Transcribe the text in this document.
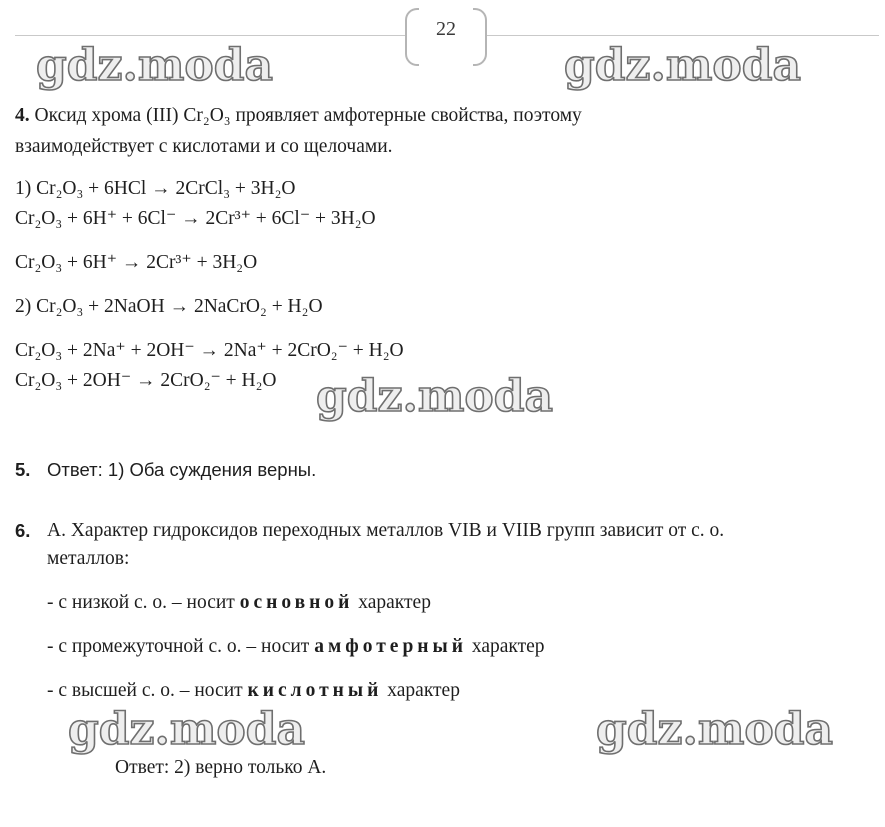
22
gdz.moda	gdz.moda
4. Оксид хрома (III) Cr₂O₃ проявляет амфотерные свойства, поэтому
взаимодействует с кислотами и со щелочами.
1) Cr₂O₃ + 6HCl → 2CrCl₃ + 3H₂O
Cr₂O₃ + 6H⁺ + 6Cl⁻ → 2Cr³⁺ + 6Cl⁻ + 3H₂O
Cr₂O₃ + 6H⁺ → 2Cr³⁺ + 3H₂O
2) Cr₂O₃ + 2NaOH → 2NaCrO₂ + H₂O
Cr₂O₃ + 2Na⁺ + 2OH⁻ → 2Na⁺ + 2CrO₂⁻ + H₂O
Cr₂O₃ + 2OH⁻ → 2CrO₂⁻ + H₂O gdz.moda
5. Ответ: 1) Оба суждения верны.
6. А. Характер гидроксидов переходных металлов VIB и VIIB групп зависит от с. о.
металлов:
- с низкой с. о. – носит основной характер
- с промежуточной с. о. – носит амфотерный характер
- с высшей с. о. – носит кислотный характер
gdz.moda	gdz.moda
Ответ: 2) верно только А.
